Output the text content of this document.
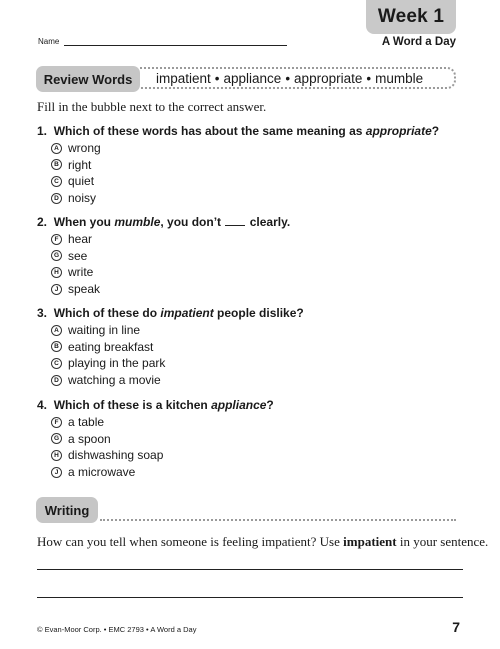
Week 1
A Word a Day
Name
Review Words	impatient • appliance • appropriate • mumble
Fill in the bubble next to the correct answer.
1. Which of these words has about the same meaning as appropriate?
A wrong
B right
C quiet
D noisy
2. When you mumble, you don’t clearly.
F hear
G see
H write
J speak
3. Which of these do impatient people dislike?
A waiting in line
B eating breakfast
C playing in the park
D watching a movie
4. Which of these is a kitchen appliance?
F a table
G a spoon
H dishwashing soap
J a microwave
Writing
How can you tell when someone is feeling impatient? Use impatient in your sentence.
© Evan-Moor Corp. • EMC 2793 • A Word a Day	7
